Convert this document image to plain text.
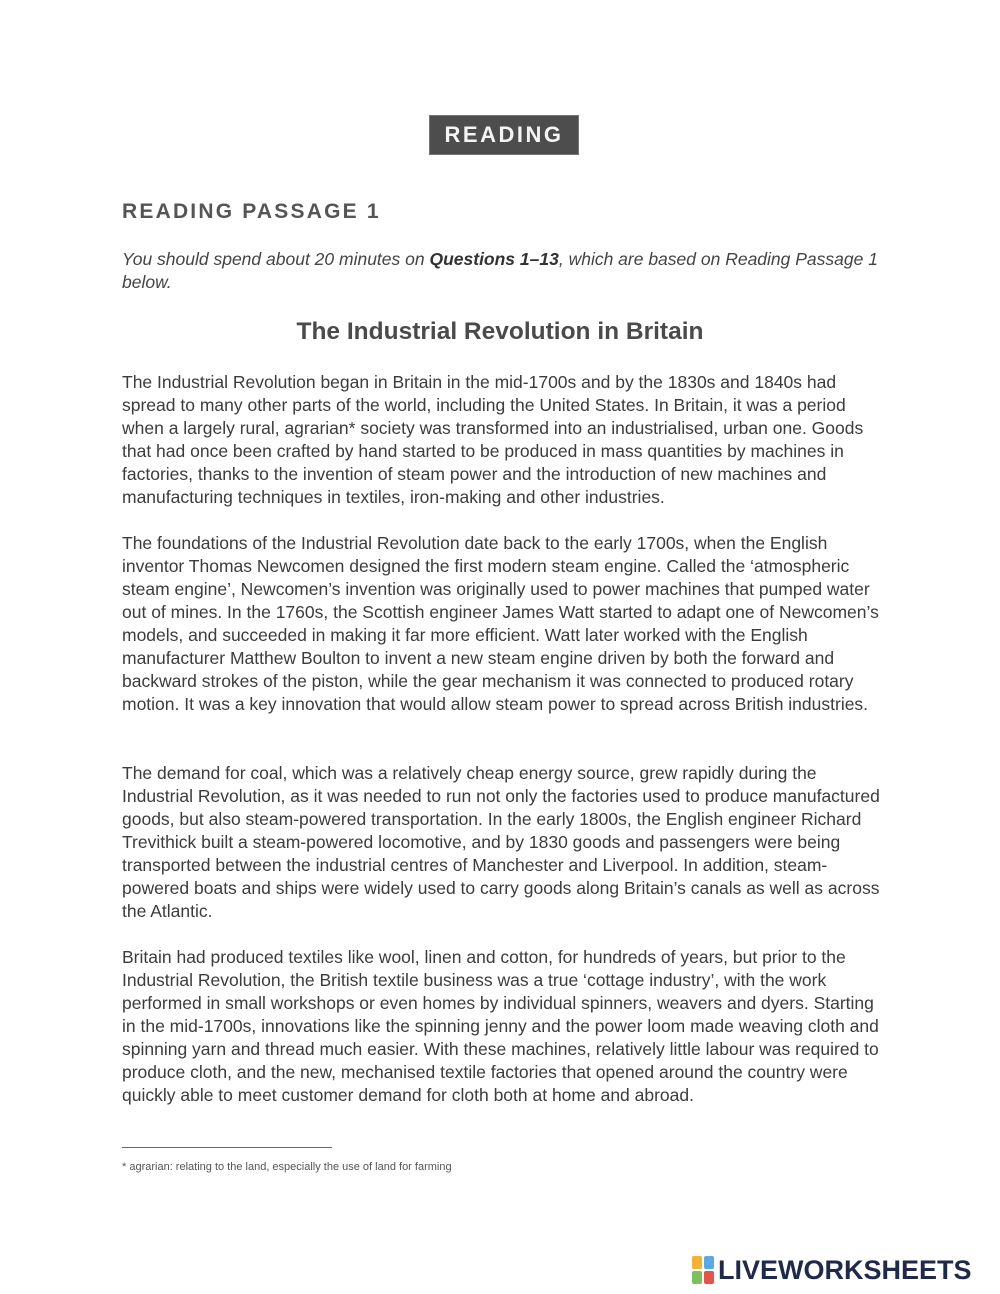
READING
READING PASSAGE 1

You should spend about 20 minutes on Questions 1–13, which are based on Reading Passage 1 below.

The Industrial Revolution in Britain

The Industrial Revolution began in Britain in the mid-1700s and by the 1830s and 1840s had spread to many other parts of the world, including the United States. In Britain, it was a period when a largely rural, agrarian* society was transformed into an industrialised, urban one. Goods that had once been crafted by hand started to be produced in mass quantities by machines in factories, thanks to the invention of steam power and the introduction of new machines and manufacturing techniques in textiles, iron-making and other industries.

The foundations of the Industrial Revolution date back to the early 1700s, when the English inventor Thomas Newcomen designed the first modern steam engine. Called the ‘atmospheric steam engine’, Newcomen’s invention was originally used to power machines that pumped water out of mines. In the 1760s, the Scottish engineer James Watt started to adapt one of Newcomen’s models, and succeeded in making it far more efficient. Watt later worked with the English manufacturer Matthew Boulton to invent a new steam engine driven by both the forward and backward strokes of the piston, while the gear mechanism it was connected to produced rotary motion. It was a key innovation that would allow steam power to spread across British industries.

The demand for coal, which was a relatively cheap energy source, grew rapidly during the Industrial Revolution, as it was needed to run not only the factories used to produce manufactured goods, but also steam-powered transportation. In the early 1800s, the English engineer Richard Trevithick built a steam-powered locomotive, and by 1830 goods and passengers were being transported between the industrial centres of Manchester and Liverpool. In addition, steam-powered boats and ships were widely used to carry goods along Britain’s canals as well as across the Atlantic.

Britain had produced textiles like wool, linen and cotton, for hundreds of years, but prior to the Industrial Revolution, the British textile business was a true ‘cottage industry’, with the work performed in small workshops or even homes by individual spinners, weavers and dyers. Starting in the mid-1700s, innovations like the spinning jenny and the power loom made weaving cloth and spinning yarn and thread much easier. With these machines, relatively little labour was required to produce cloth, and the new, mechanised textile factories that opened around the country were quickly able to meet customer demand for cloth both at home and abroad.

* agrarian: relating to the land, especially the use of land for farming

LIVEWORKSHEETS
